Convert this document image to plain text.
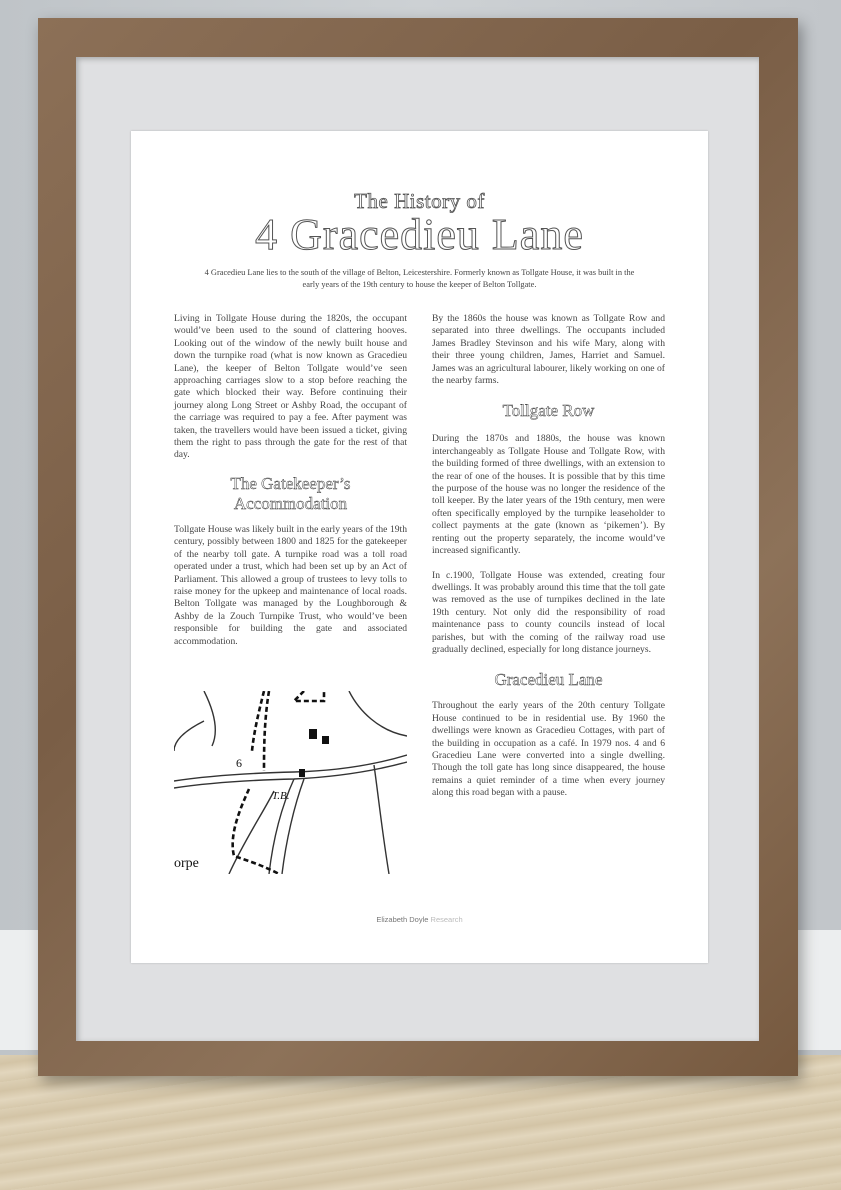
The History of
4 Gracedieu Lane
4 Gracedieu Lane lies to the south of the village of Belton, Leicestershire. Formerly known as Tollgate House, it was built in the early years of the 19th century to house the keeper of Belton Tollgate.

Living in Tollgate House during the 1820s, the occupant would’ve been used to the sound of clattering hooves. Looking out of the window of the newly built house and down the turnpike road (what is now known as Gracedieu Lane), the keeper of Belton Tollgate would’ve seen approaching carriages slow to a stop before reaching the gate which blocked their way. Before continuing their journey along Long Street or Ashby Road, the occupant of the carriage was required to pay a fee. After payment was taken, the travellers would have been issued a ticket, giving them the right to pass through the gate for the rest of that day.

The Gatekeeper’s
Accommodation

Tollgate House was likely built in the early years of the 19th century, possibly between 1800 and 1825 for the gatekeeper of the nearby toll gate. A turnpike road was a toll road operated under a trust, which had been set up by an Act of Parliament. This allowed a group of trustees to levy tolls to raise money for the upkeep and maintenance of local roads. Belton Tollgate was managed by the Loughborough & Ashby de la Zouch Turnpike Trust, who would’ve been responsible for building the gate and associated accommodation.

6
T.B.
orpe

By the 1860s the house was known as Tollgate Row and separated into three dwellings. The occupants included James Bradley Stevinson and his wife Mary, along with their three young children, James, Harriet and Samuel. James was an agricultural labourer, likely working on one of the nearby farms.

Tollgate Row

During the 1870s and 1880s, the house was known interchangeably as Tollgate House and Tollgate Row, with the building formed of three dwellings, with an extension to the rear of one of the houses. It is possible that by this time the purpose of the house was no longer the residence of the toll keeper. By the later years of the 19th century, men were often specifically employed by the turnpike leaseholder to collect payments at the gate (known as ‘pikemen’). By renting out the property separately, the income would’ve increased significantly.

In c.1900, Tollgate House was extended, creating four dwellings. It was probably around this time that the toll gate was removed as the use of turnpikes declined in the late 19th century. Not only did the responsibility of road maintenance pass to county councils instead of local parishes, but with the coming of the railway road use gradually declined, especially for long distance journeys.

Gracedieu Lane

Throughout the early years of the 20th century Tollgate House continued to be in residential use. By 1960 the dwellings were known as Gracedieu Cottages, with part of the building in occupation as a café. In 1979 nos. 4 and 6 Gracedieu Lane were converted into a single dwelling. Though the toll gate has long since disappeared, the house remains a quiet reminder of a time when every journey along this road began with a pause.

Elizabeth Doyle Research
